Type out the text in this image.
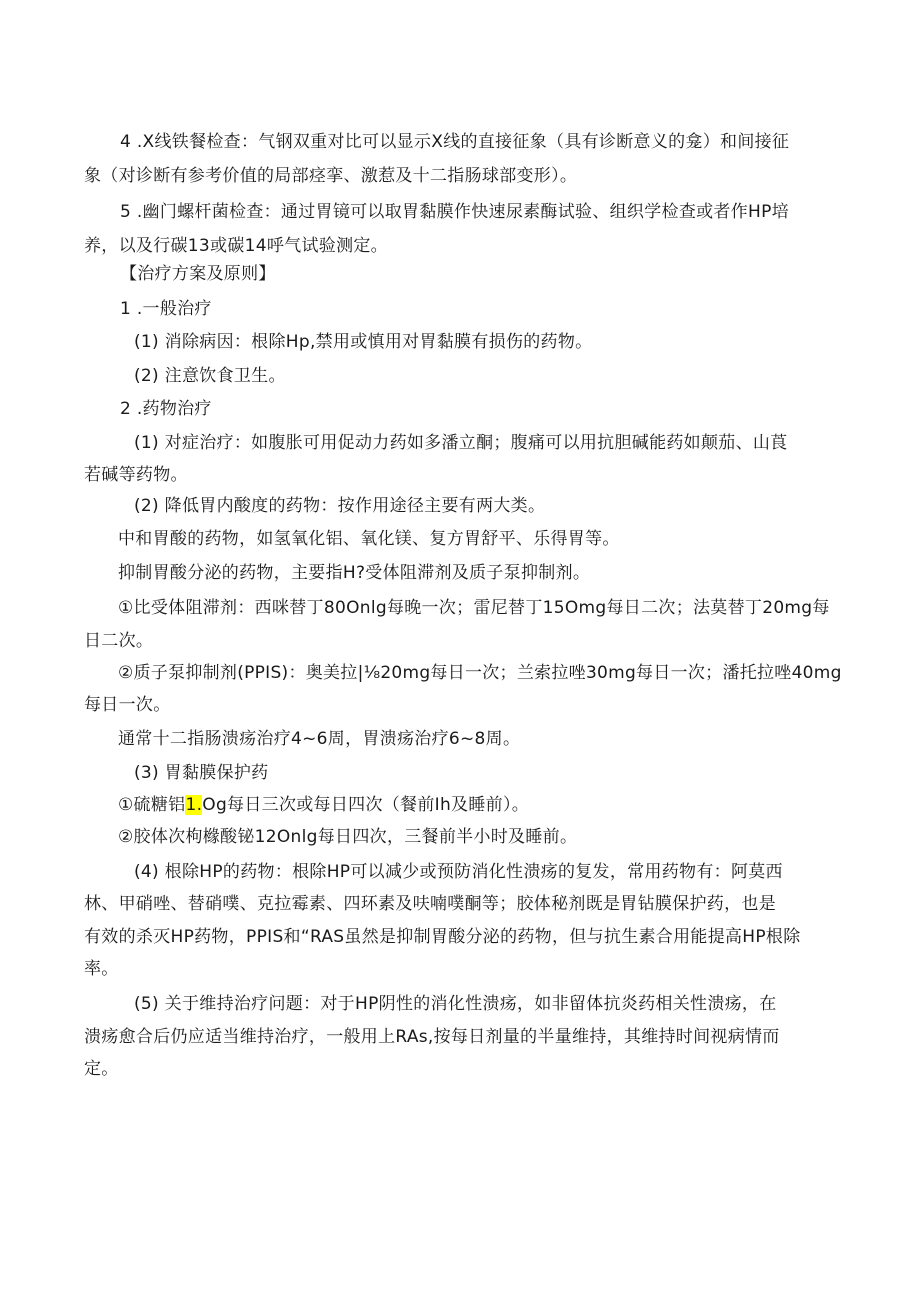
4 .X线铁餐检查：气钢双重对比可以显示X线的直接征象（具有诊断意义的龛）和间接征
象（对诊断有参考价值的局部痉挛、激惹及十二指肠球部变形）。
5 .幽门螺杆菌检查：通过胃镜可以取胃黏膜作快速尿素酶试验、组织学检查或者作HP培
养，以及行碳13或碳14呼气试验测定。
【治疗方案及原则】
1 .一般治疗
(1) 消除病因：根除Hp,禁用或慎用对胃黏膜有损伤的药物。
(2) 注意饮食卫生。
2 .药物治疗
(1) 对症治疗：如腹胀可用促动力药如多潘立酮；腹痛可以用抗胆碱能药如颠茄、山莨
若碱等药物。
(2) 降低胃内酸度的药物：按作用途径主要有两大类。
中和胃酸的药物，如氢氧化铝、氧化镁、复方胃舒平、乐得胃等。
抑制胃酸分泌的药物，主要指H?受体阻滞剂及质子泵抑制剂。
①比受体阻滞剂：西咪替丁80Onlg每晚一次；雷尼替丁15Omg每日二次；法莫替丁20mg每
日二次。
②质子泵抑制剂(PPIS)：奥美拉|⅛20mg每日一次；兰索拉唑30mg每日一次；潘托拉唑40mg
每日一次。
通常十二指肠溃疡治疗4~6周，胃溃疡治疗6~8周。
(3) 胃黏膜保护药
①硫糖铝1.Og每日三次或每日四次（餐前Ih及睡前）。
②胶体次枸橼酸铋12Onlg每日四次，三餐前半小时及睡前。
(4) 根除HP的药物：根除HP可以减少或预防消化性溃疡的复发，常用药物有：阿莫西
林、甲硝唑、替硝噗、克拉霉素、四环素及呋喃噗酮等；胶体秘剂既是胃钻膜保护药，也是
有效的杀灭HP药物，PPIS和“RAS虽然是抑制胃酸分泌的药物，但与抗生素合用能提高HP根除
率。
(5) 关于维持治疗问题：对于HP阴性的消化性溃疡，如非留体抗炎药相关性溃疡，在
溃疡愈合后仍应适当维持治疗，一般用上RAs,按每日剂量的半量维持，其维持时间视病情而
定。
